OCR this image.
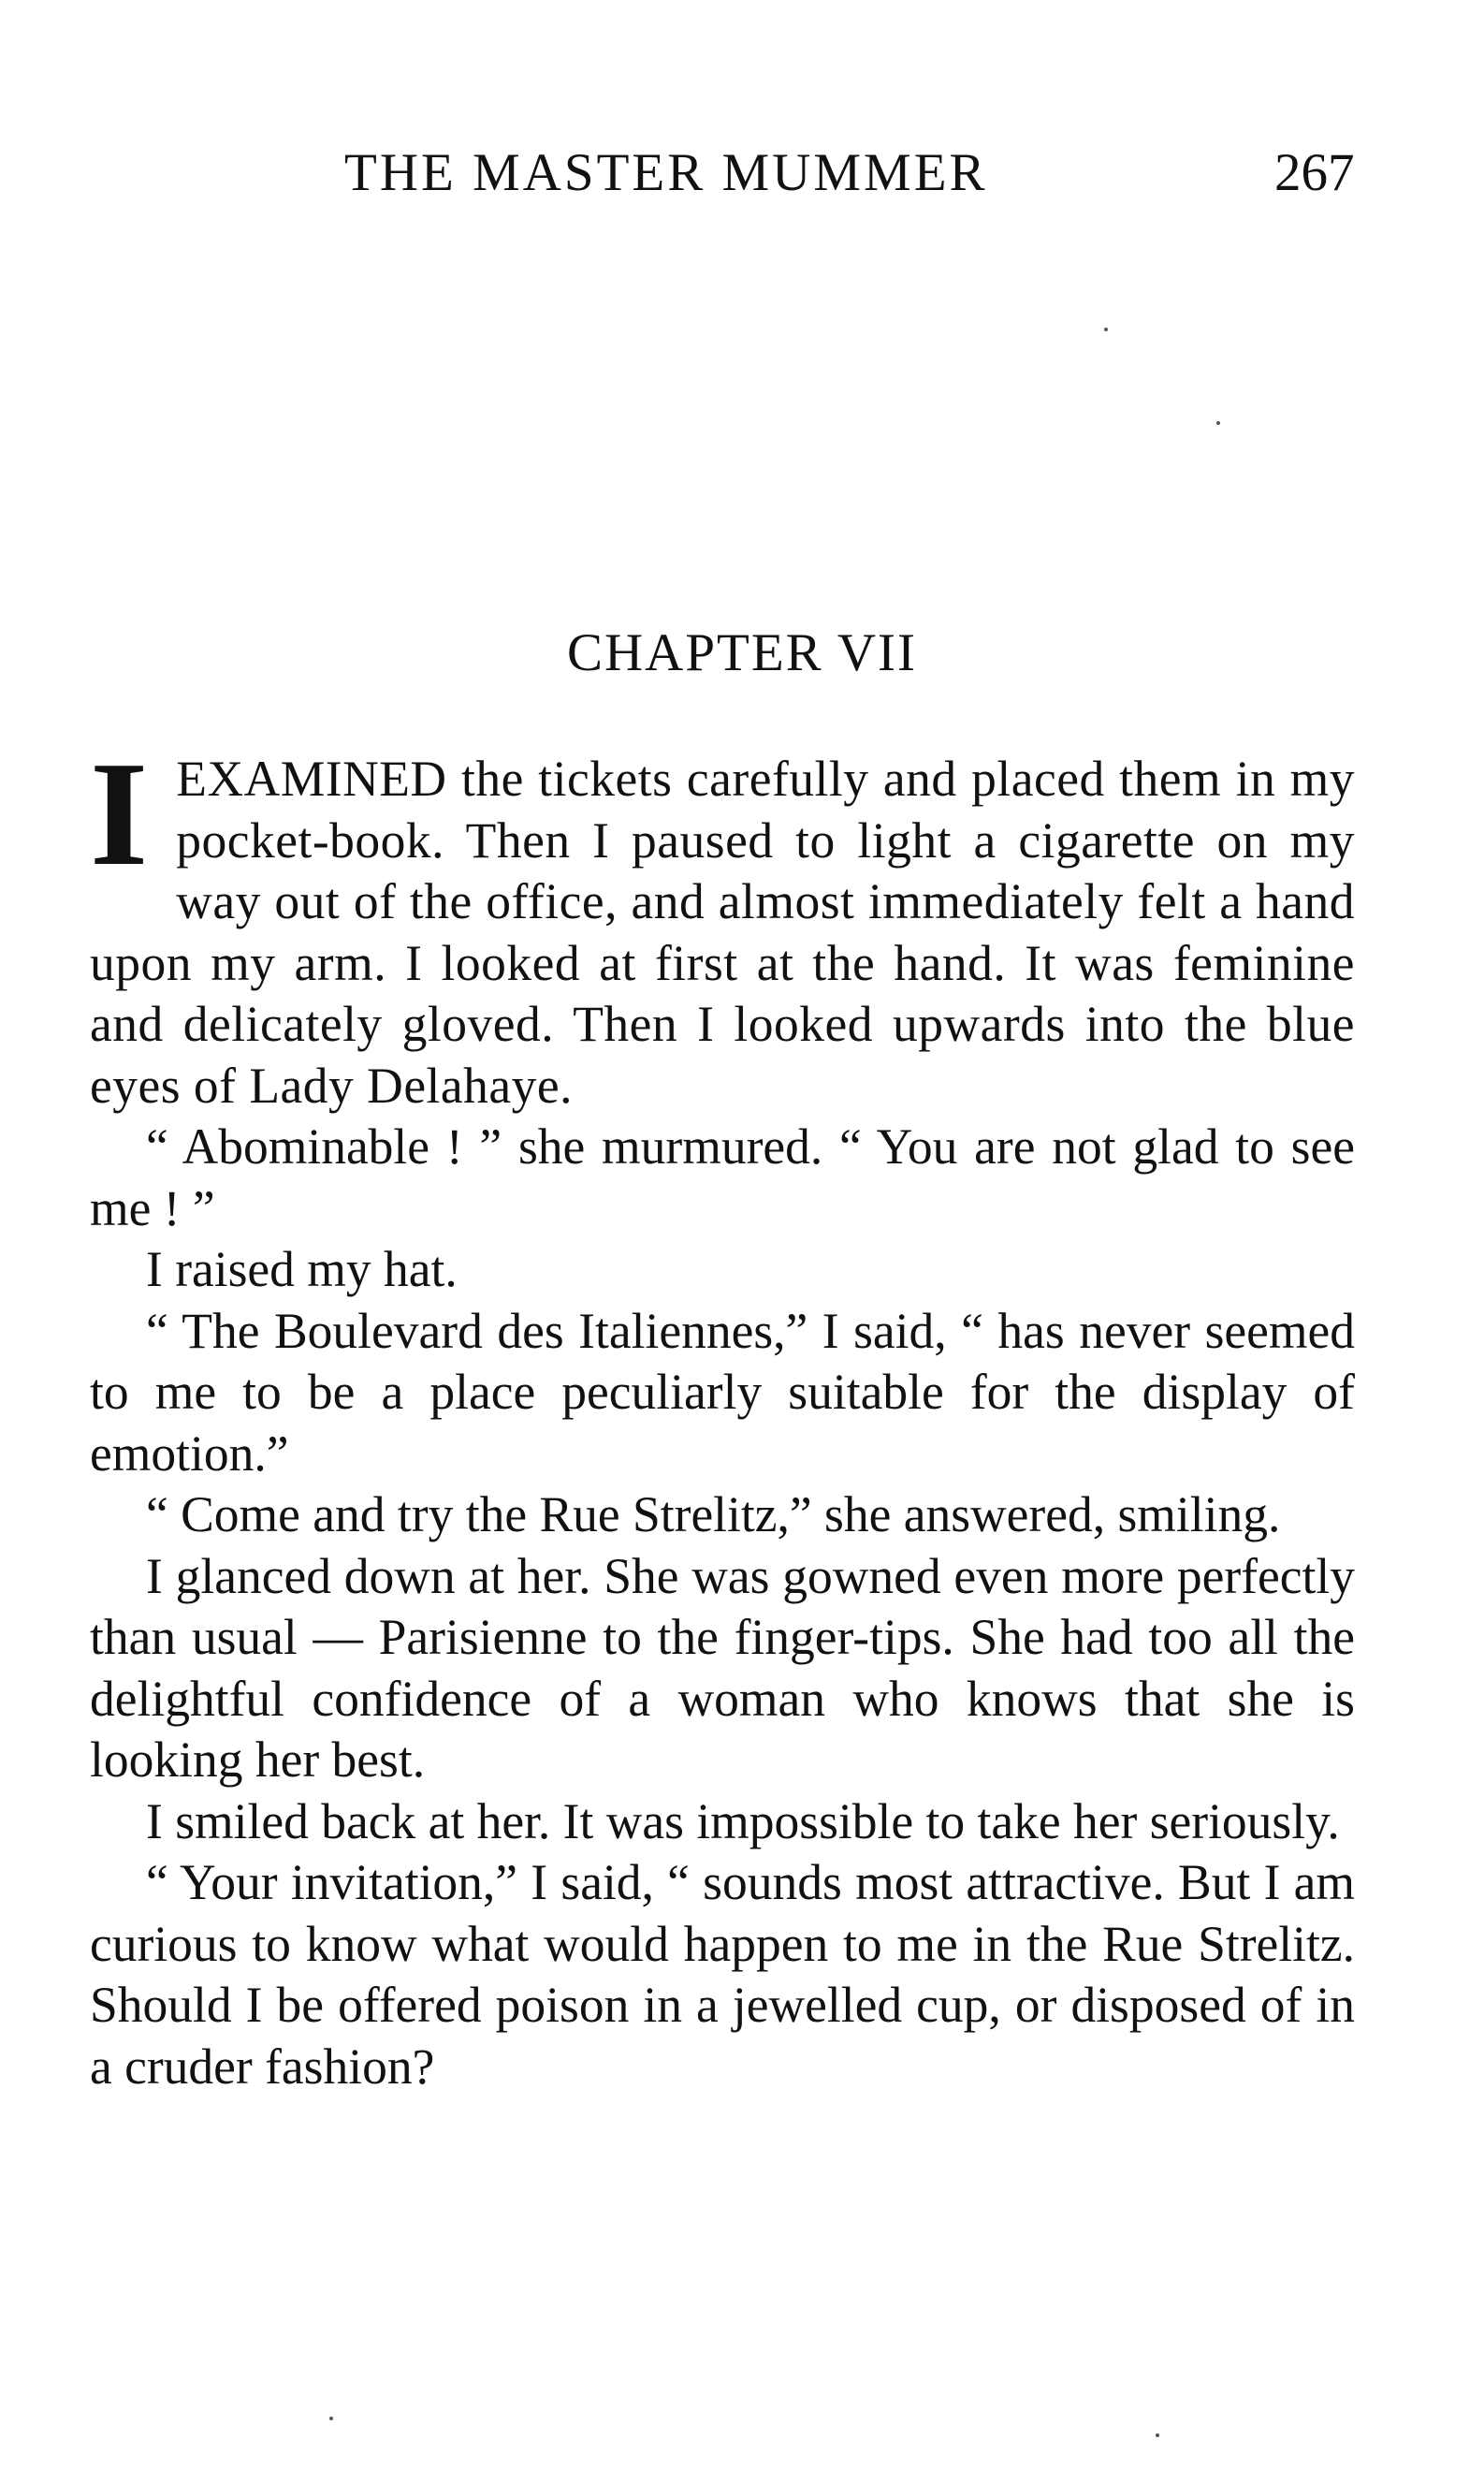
THE MASTER MUMMER	267
CHAPTER VII

I EXAMINED the tickets carefully and placed them in my pocket-book. Then I paused to light a cigarette on my way out of the office, and almost immediately felt a hand upon my arm. I looked at first at the hand. It was feminine and delicately gloved. Then I looked upwards into the blue eyes of Lady Delahaye.

“ Abominable ! ” she murmured. “ You are not glad to see me ! ”

I raised my hat.

“ The Boulevard des Italiennes,” I said, “ has never seemed to me to be a place peculiarly suitable for the display of emotion.”

“ Come and try the Rue Strelitz,” she answered, smiling.

I glanced down at her. She was gowned even more perfectly than usual — Parisienne to the finger-tips. She had too all the delightful confidence of a woman who knows that she is looking her best.

I smiled back at her. It was impossible to take her seriously.

“ Your invitation,” I said, “ sounds most attractive. But I am curious to know what would happen to me in the Rue Strelitz. Should I be offered poison in a jewelled cup, or disposed of in a cruder fashion?
